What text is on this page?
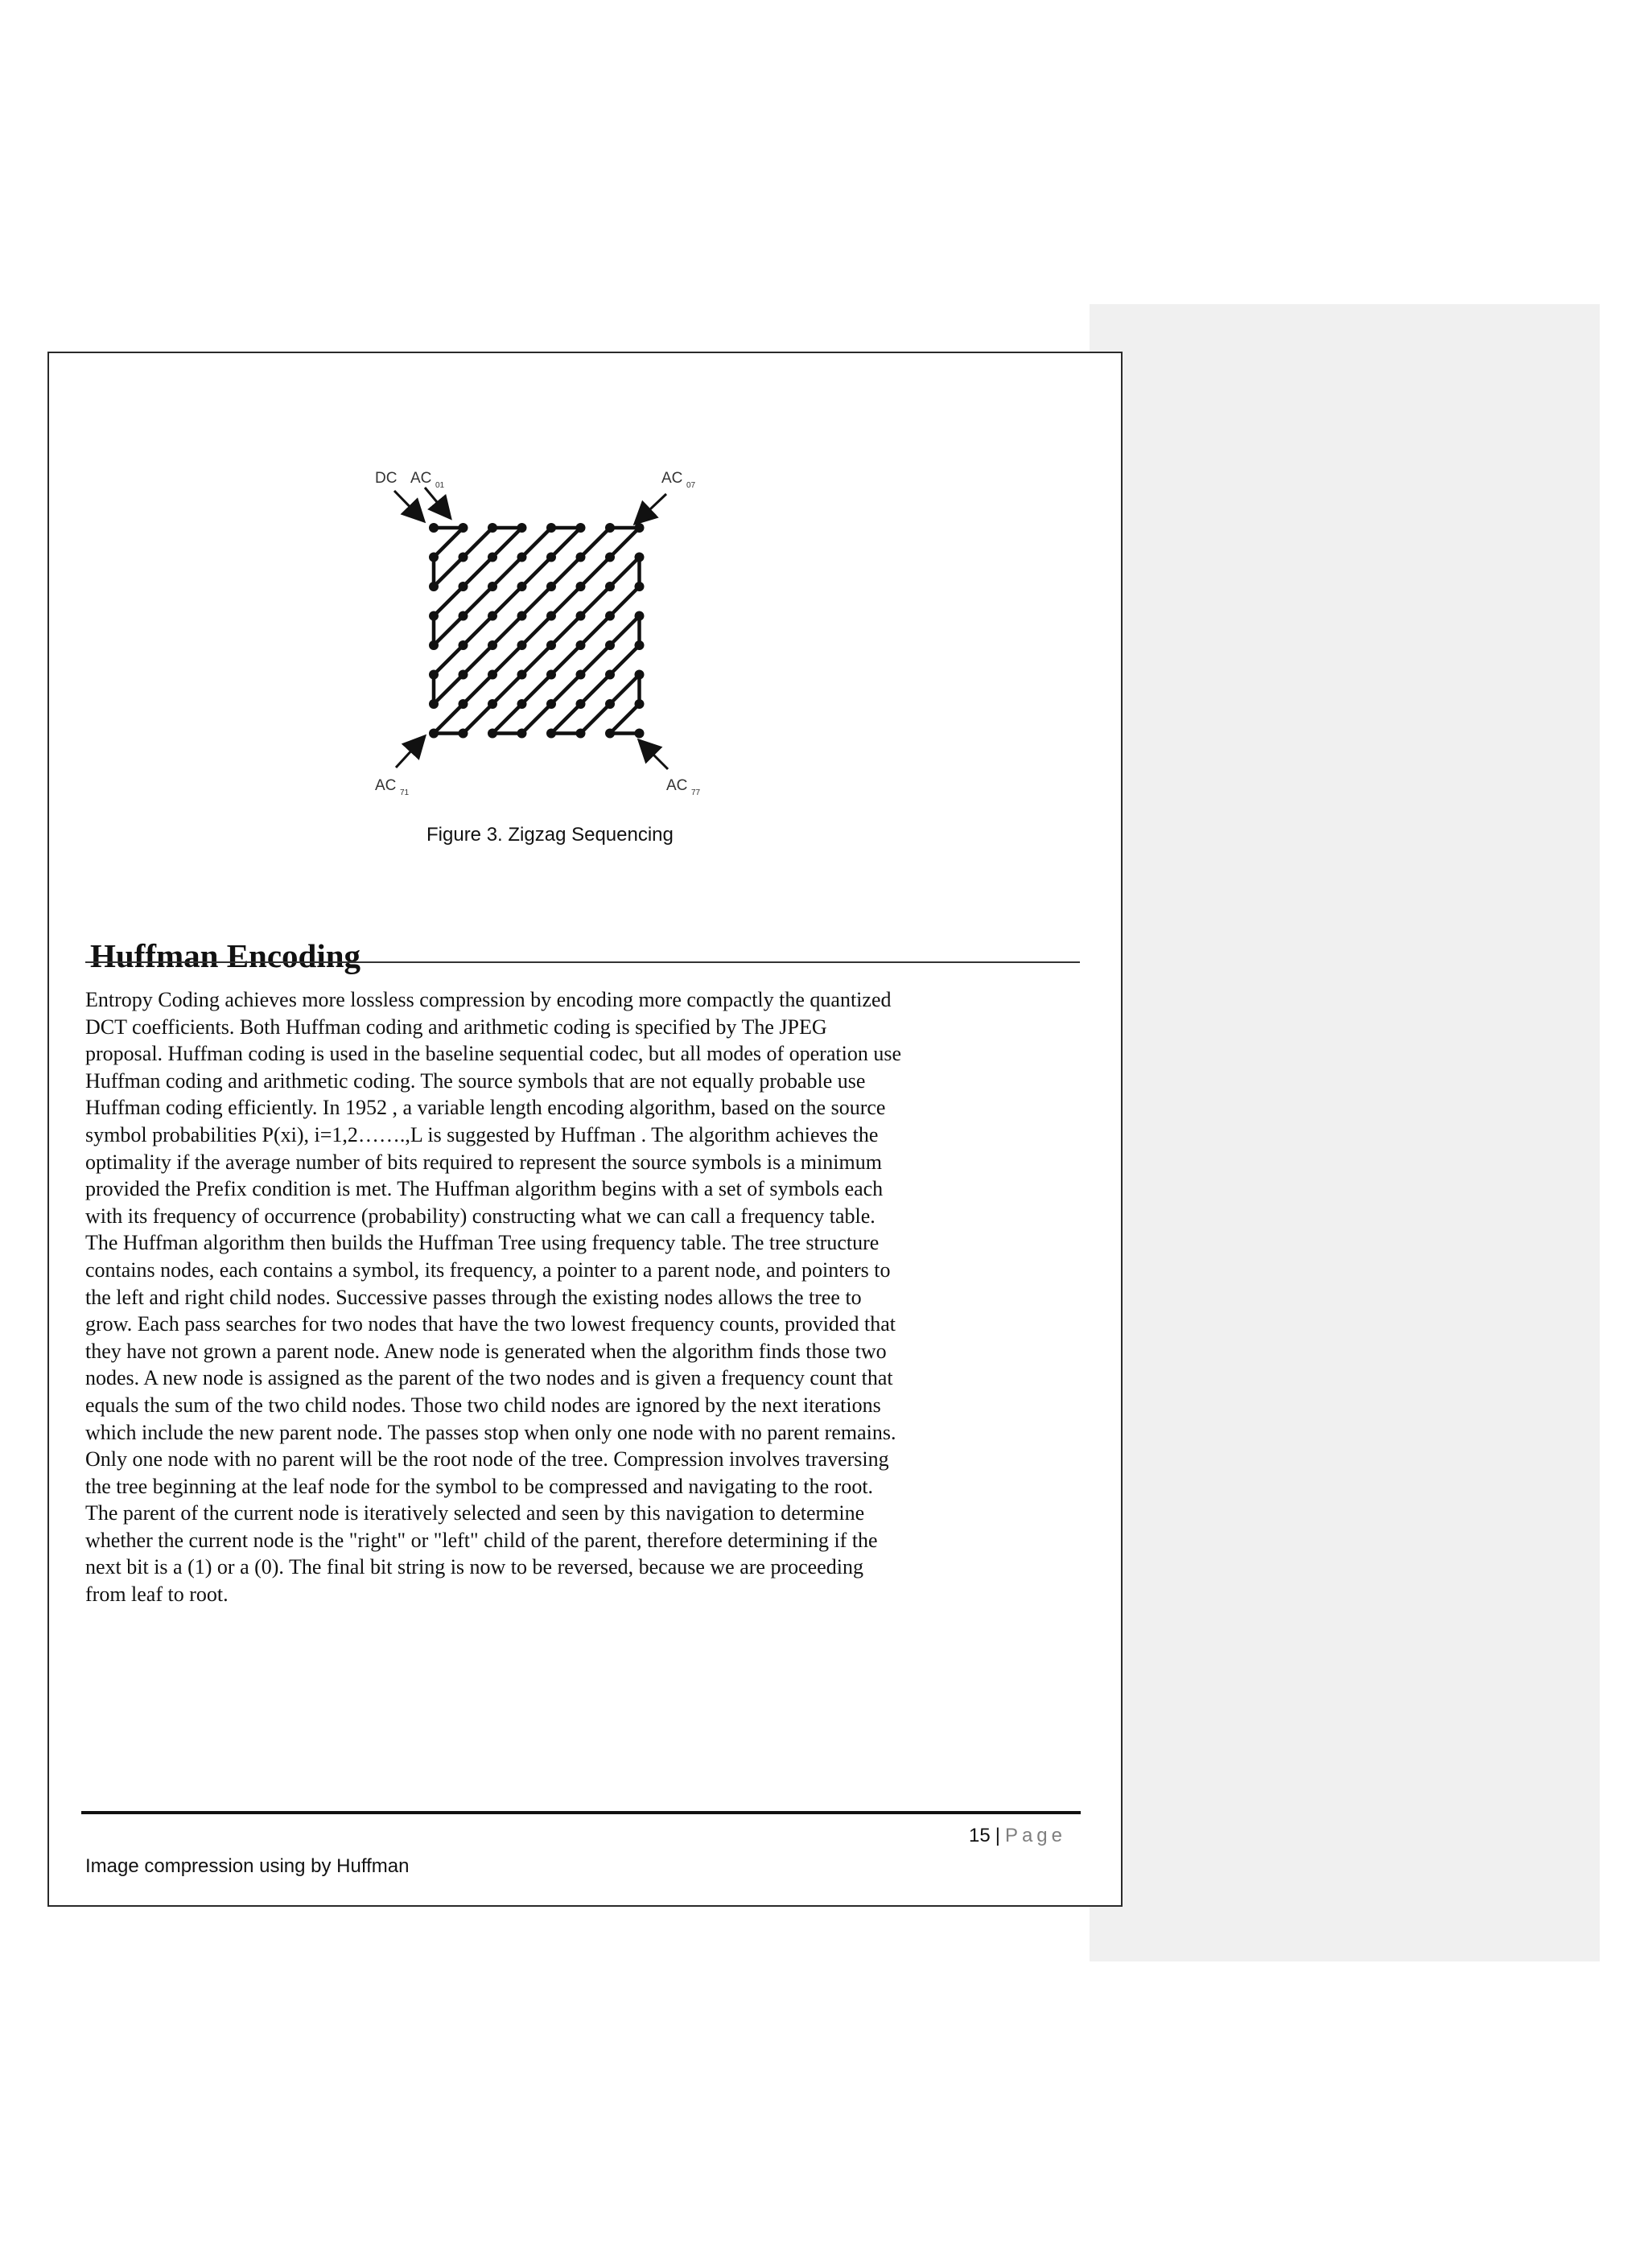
DC AC 01	AC 07
AC 71	AC 77
Figure 3. Zigzag Sequencing
Huffman Encoding
Entropy Coding achieves more lossless compression by encoding more compactly the quantized
DCT coefficients. Both Huffman coding and arithmetic coding is specified by The JPEG
proposal. Huffman coding is used in the baseline sequential codec, but all modes of operation use
Huffman coding and arithmetic coding. The source symbols that are not equally probable use
Huffman coding efficiently. In 1952 , a variable length encoding algorithm, based on the source
symbol probabilities P(xi), i=1,2…….,L is suggested by Huffman . The algorithm achieves the
optimality if the average number of bits required to represent the source symbols is a minimum
provided the Prefix condition is met. The Huffman algorithm begins with a set of symbols each
with its frequency of occurrence (probability) constructing what we can call a frequency table.
The Huffman algorithm then builds the Huffman Tree using frequency table. The tree structure
contains nodes, each contains a symbol, its frequency, a pointer to a parent node, and pointers to
the left and right child nodes. Successive passes through the existing nodes allows the tree to
grow. Each pass searches for two nodes that have the two lowest frequency counts, provided that
they have not grown a parent node. Anew node is generated when the algorithm finds those two
nodes. A new node is assigned as the parent of the two nodes and is given a frequency count that
equals the sum of the two child nodes. Those two child nodes are ignored by the next iterations
which include the new parent node. The passes stop when only one node with no parent remains.
Only one node with no parent will be the root node of the tree. Compression involves traversing
the tree beginning at the leaf node for the symbol to be compressed and navigating to the root.
The parent of the current node is iteratively selected and seen by this navigation to determine
whether the current node is the "right" or "left" child of the parent, therefore determining if the
next bit is a (1) or a (0). The final bit string is now to be reversed, because we are proceeding
from leaf to root.
15 | Page
Image compression using by Huffman
